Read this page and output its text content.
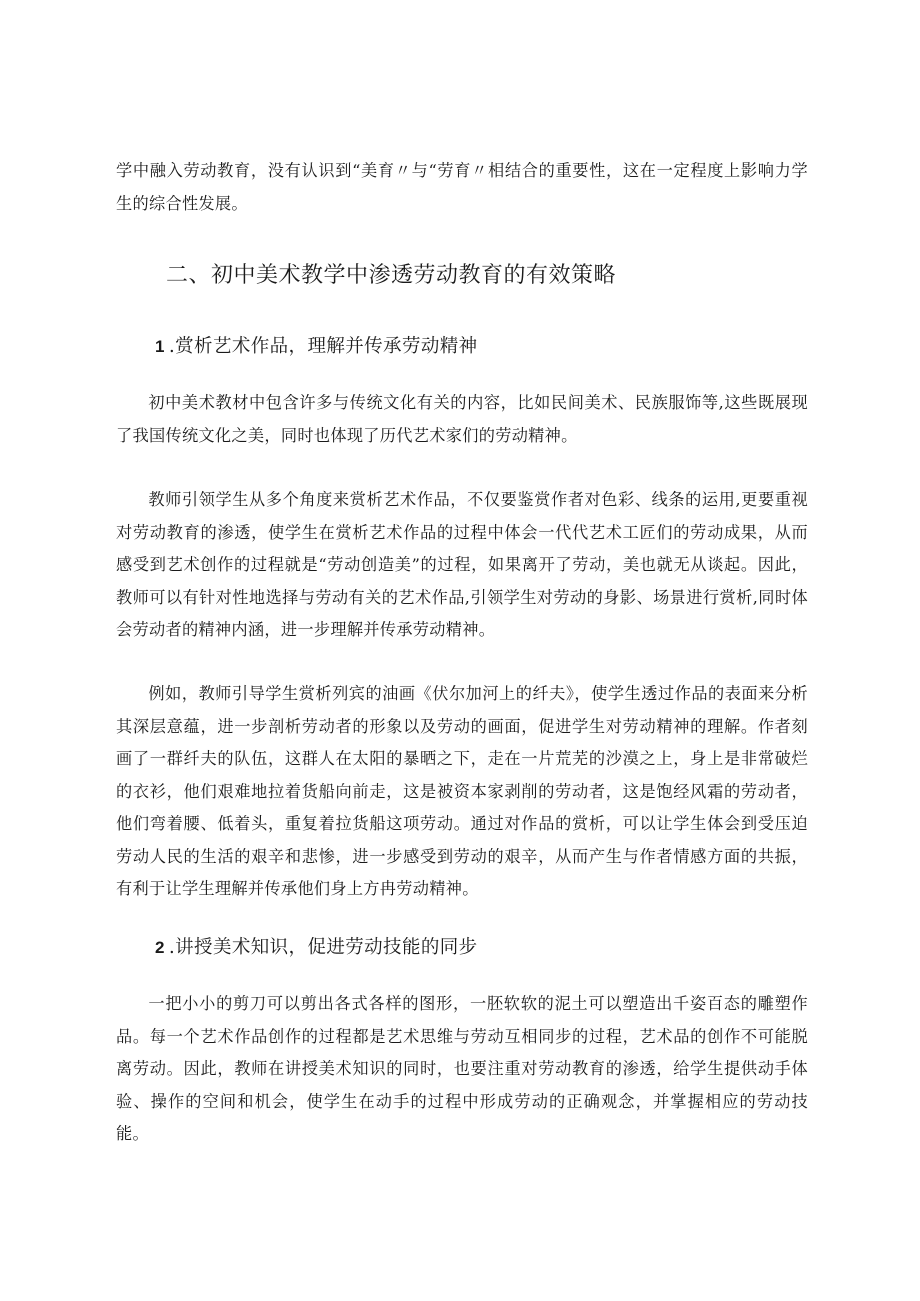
学中融入劳动教育，没有认识到“美育〃与“劳育〃相结合的重要性，这在一定程度上影响力学生的综合性发展。

二、初中美术教学中渗透劳动教育的有效策略
1 .赏析艺术作品，理解并传承劳动精神

初中美术教材中包含许多与传统文化有关的内容，比如民间美术、民族服饰等,这些既展现了我国传统文化之美，同时也体现了历代艺术家们的劳动精神。

教师引领学生从多个角度来赏析艺术作品，不仅要鉴赏作者对色彩、线条的运用,更要重视对劳动教育的渗透，使学生在赏析艺术作品的过程中体会一代代艺术工匠们的劳动成果，从而感受到艺术创作的过程就是“劳动创造美”的过程，如果离开了劳动，美也就无从谈起。因此，教师可以有针对性地选择与劳动有关的艺术作品,引领学生对劳动的身影、场景进行赏析,同时体会劳动者的精神内涵，进一步理解并传承劳动精神。

例如，教师引导学生赏析列宾的油画《伏尔加河上的纤夫》，使学生透过作品的表面来分析其深层意蕴，进一步剖析劳动者的形象以及劳动的画面，促进学生对劳动精神的理解。作者刻画了一群纤夫的队伍，这群人在太阳的暴晒之下，走在一片荒芜的沙漠之上，身上是非常破烂的衣衫，他们艰难地拉着货船向前走，这是被资本家剥削的劳动者，这是饱经风霜的劳动者，他们弯着腰、低着头，重复着拉货船这项劳动。通过对作品的赏析，可以让学生体会到受压迫劳动人民的生活的艰辛和悲惨，进一步感受到劳动的艰辛，从而产生与作者情感方面的共振，有利于让学生理解并传承他们身上方冉劳动精神。

2 .讲授美术知识，促进劳动技能的同步

一把小小的剪刀可以剪出各式各样的图形，一胚软软的泥土可以塑造出千姿百态的雕塑作品。每一个艺术作品创作的过程都是艺术思维与劳动互相同步的过程，艺术品的创作不可能脱离劳动。因此，教师在讲授美术知识的同时，也要注重对劳动教育的渗透，给学生提供动手体验、操作的空间和机会，使学生在动手的过程中形成劳动的正确观念，并掌握相应的劳动技能。
